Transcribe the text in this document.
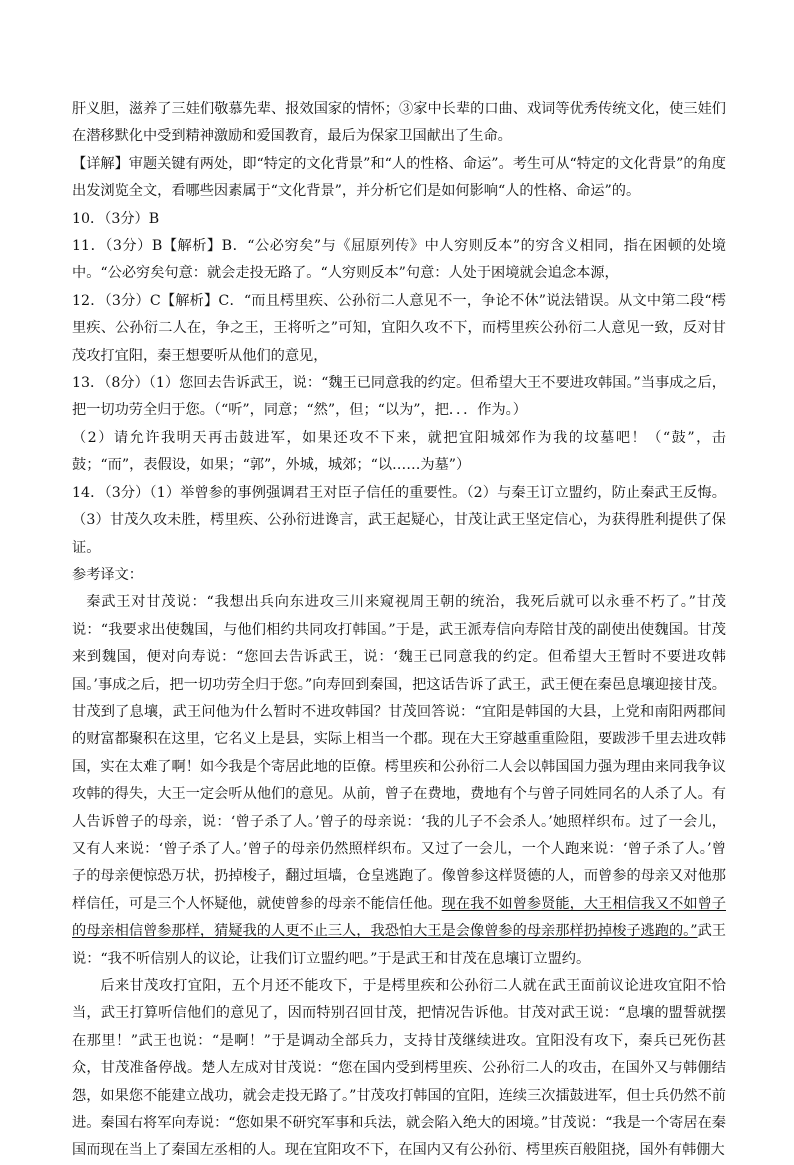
肝义胆，滋养了三娃们敬慕先辈、报效国家的情怀；③家中长辈的口曲、戏词等优秀传统文化，使三娃们在潜移默化中受到精神激励和爱国教育，最后为保家卫国献出了生命。

【详解】审题关键有两处，即“特定的文化背景”和“人的性格、命运”。考生可从“特定的文化背景”的角度出发浏览全文，看哪些因素属于“文化背景”，并分析它们是如何影响“人的性格、命运”的。

10．（3分）B

11．（3分）B【解析】B．“公必穷矣”与《屈原列传》中人穷则反本”的穷含义相同，指在困顿的处境中。“公必穷矣句意：就会走投无路了。“人穷则反本”句意：人处于困境就会追念本源，

12．（3分）C【解析】C．“而且樗里疾、公孙衍二人意见不一，争论不休”说法错误。从文中第二段“樗里疾、公孙衍二人在，争之王，王将听之”可知，宜阳久攻不下，而樗里疾公孙衍二人意见一致，反对甘茂攻打宜阳，秦王想要听从他们的意见，

13．（8分）（1）您回去告诉武王，说：“魏王已同意我的约定。但希望大王不要进攻韩国。”当事成之后，把一切功劳全归于您。（“听”，同意；“然”，但；“以为”，把．．．作为。）

（2）请允许我明天再击鼓进军，如果还攻不下来，就把宜阳城郊作为我的坟墓吧！（“鼓”，击鼓；“而”，表假设，如果；“郭”，外城，城郊；“以……为墓”）

14．（3分）（1）举曾参的事例强调君王对臣子信任的重要性。（2）与秦王订立盟约，防止秦武王反悔。（3）甘茂久攻未胜，樗里疾、公孙衍进谗言，武王起疑心，甘茂让武王坚定信心，为获得胜利提供了保证。

参考译文：

秦武王对甘茂说：“我想出兵向东进攻三川来窥视周王朝的统治，我死后就可以永垂不朽了。”甘茂说：“我要求出使魏国，与他们相约共同攻打韩国。”于是，武王派寿信向寿陪甘茂的副使出使魏国。甘茂来到魏国，便对向寿说：“您回去告诉武王，说：‘魏王已同意我的约定。但希望大王暂时不要进攻韩国。’事成之后，把一切功劳全归于您。”向寿回到秦国，把这话告诉了武王，武王便在秦邑息壤迎接甘茂。甘茂到了息壤，武王问他为什么暂时不进攻韩国？甘茂回答说：“宜阳是韩国的大县，上党和南阳两郡间的财富都聚积在这里，它名义上是县，实际上相当一个郡。现在大王穿越重重险阻，要跋涉千里去进攻韩国，实在太难了啊！如今我是个寄居此地的臣僚。樗里疾和公孙衍二人会以韩国国力强为理由来同我争议攻韩的得失，大王一定会听从他们的意见。从前，曾子在费地，费地有个与曾子同姓同名的人杀了人。有人告诉曾子的母亲，说：‘曾子杀了人。’曾子的母亲说：‘我的儿子不会杀人。’她照样织布。过了一会儿，又有人来说：‘曾子杀了人。’曾子的母亲仍然照样织布。又过了一会儿，一个人跑来说：‘曾子杀了人。’曾子的母亲便惊恐万状，扔掉梭子，翻过垣墙，仓皇逃跑了。像曾参这样贤德的人，而曾参的母亲又对他那样信任，可是三个人怀疑他，就使曾参的母亲不能信任他。现在我不如曾参贤能，大王相信我又不如曾子的母亲相信曾参那样，猜疑我的人更不止三人，我恐怕大王是会像曾参的母亲那样扔掉梭子逃跑的。”武王说：“我不听信别人的议论，让我们订立盟约吧。”于是武王和甘茂在息壤订立盟约。

后来甘茂攻打宜阳，五个月还不能攻下，于是樗里疾和公孙衍二人就在武王面前议论进攻宜阳不恰当，武王打算听信他们的意见了，因而特别召回甘茂，把情况告诉他。甘茂对武王说：“息壤的盟誓就摆在那里！”武王也说：“是啊！”于是调动全部兵力，支持甘茂继续进攻。宜阳没有攻下，秦兵已死伤甚众，甘茂准备停战。楚人左成对甘茂说：“您在国内受到樗里疾、公孙衍二人的攻击，在国外又与韩倗结怨，如果您不能建立战功，就会走投无路了。”甘茂攻打韩国的宜阳，连续三次擂鼓进军，但士兵仍然不前进。秦国右将军向寿说：“您如果不研究军事和兵法，就会陷入绝大的困境。”甘茂说：“我是一个寄居在秦国而现在当上了秦国左丞相的人。现在宜阳攻不下，在国内又有公孙衍、樗里疾百般阻挠，国外有韩倗大
